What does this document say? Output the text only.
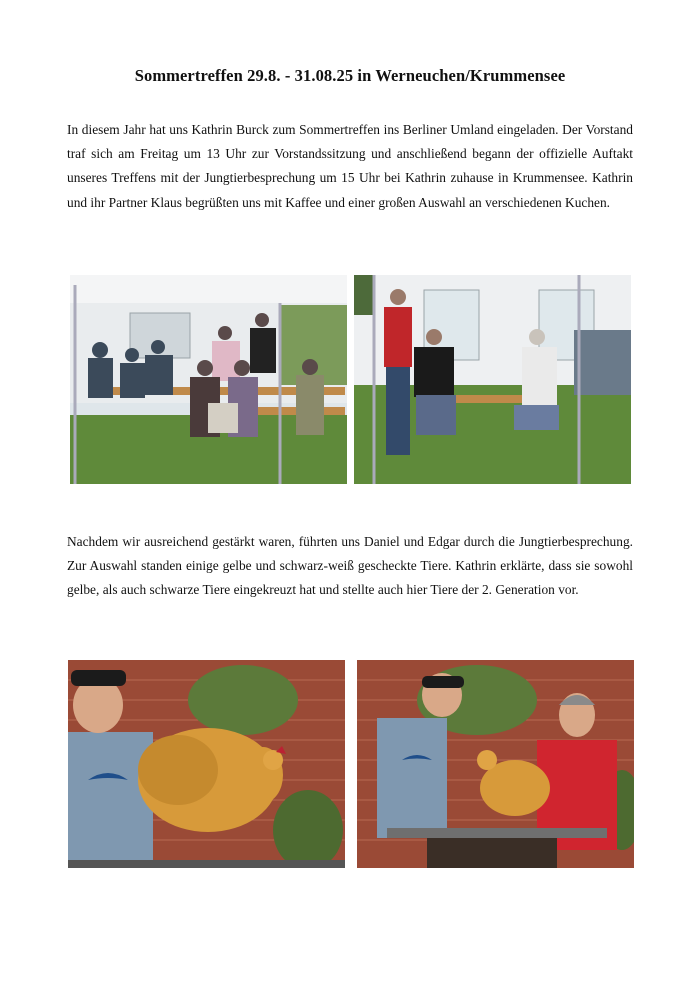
Sommertreffen 29.8. - 31.08.25 in Werneuchen/Krummensee

In diesem Jahr hat uns Kathrin Burck zum Sommertreffen ins Berliner Umland eingeladen. Der Vorstand traf sich am Freitag um 13 Uhr zur Vorstandssitzung und anschließend begann der offizielle Auftakt unseres Treffens mit der Jungtierbesprechung um 15 Uhr bei Kathrin zuhause in Krummensee. Kathrin und ihr Partner Klaus begrüßten uns mit Kaffee und einer großen Auswahl an verschiedenen Kuchen.

Nachdem wir ausreichend gestärkt waren, führten uns Daniel und Edgar durch die Jungtierbesprechung. Zur Auswahl standen einige gelbe und schwarz-weiß gescheckte Tiere. Kathrin erklärte, dass sie sowohl gelbe, als auch schwarze Tiere eingekreuzt hat und stellte auch hier Tiere der 2. Generation vor.
